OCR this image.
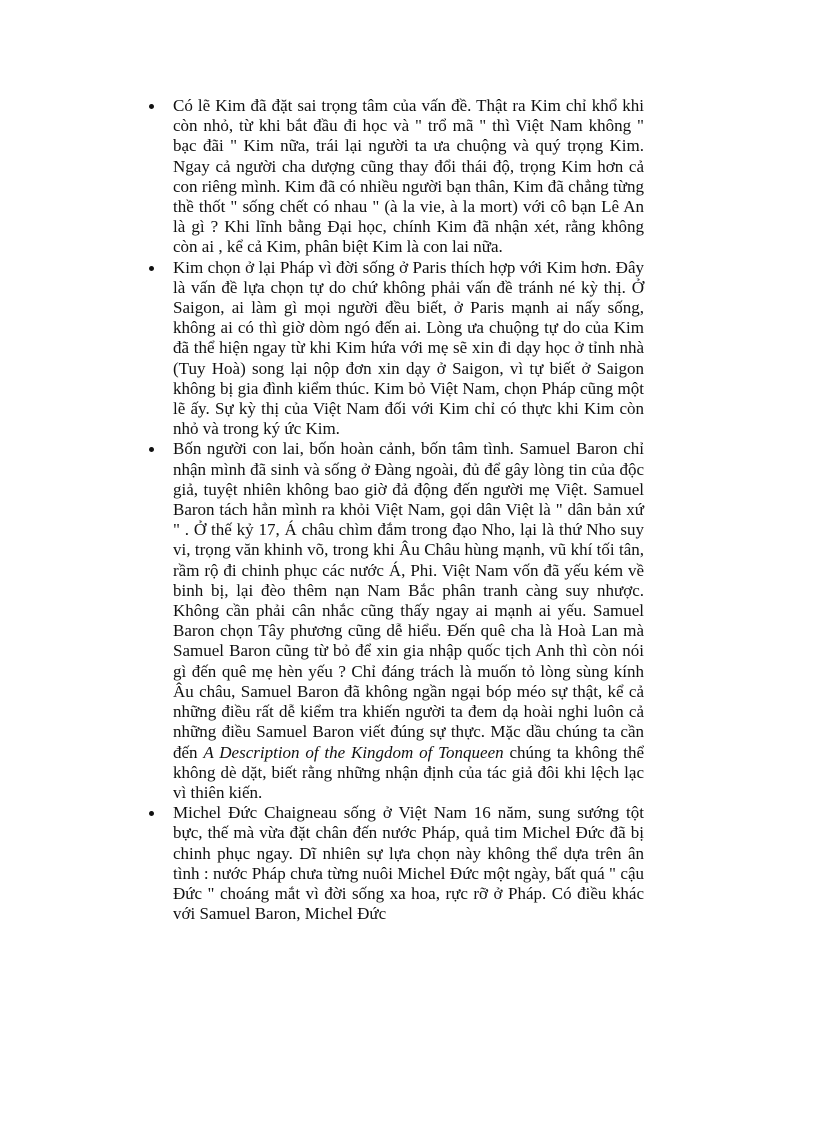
Có lẽ Kim đã đặt sai trọng tâm của vấn đề. Thật ra Kim chỉ khổ khi còn nhỏ, từ khi bắt đầu đi học và " trổ mã " thì Việt Nam không " bạc đãi " Kim nữa, trái lại người ta ưa chuộng và quý trọng Kim. Ngay cả người cha dượng cũng thay đổi thái độ, trọng Kim hơn cả con riêng mình. Kim đã có nhiều người bạn thân, Kim đã chẳng từng thề thốt " sống chết có nhau " (à la vie, à la mort) với cô bạn Lê An là gì ? Khi lĩnh bằng Đại học, chính Kim đã nhận xét, rằng không còn ai , kể cả Kim, phân biệt Kim là con lai nữa.
Kim chọn ở lại Pháp vì đời sống ở Paris thích hợp với Kim hơn. Đây là vấn đề lựa chọn tự do chứ không phải vấn đề tránh né kỳ thị. Ở Saigon, ai làm gì mọi người đều biết, ở Paris mạnh ai nấy sống, không ai có thì giờ dòm ngó đến ai. Lòng ưa chuộng tự do của Kim đã thể hiện ngay từ khi Kim hứa với mẹ sẽ xin đi dạy học ở tỉnh nhà (Tuy Hoà) song lại nộp đơn xin dạy ở Saigon, vì tự biết ở Saigon không bị gia đình kiểm thúc. Kim bỏ Việt Nam, chọn Pháp cũng một lẽ ấy. Sự kỳ thị của Việt Nam đối với Kim chỉ có thực khi Kim còn nhỏ và trong ký ức Kim.
Bốn người con lai, bốn hoàn cảnh, bốn tâm tình. Samuel Baron chỉ nhận mình đã sinh và sống ở Đàng ngoài, đủ để gây lòng tin của độc giả, tuyệt nhiên không bao giờ đả động đến người mẹ Việt. Samuel Baron tách hẳn mình ra khỏi Việt Nam, gọi dân Việt là " dân bản xứ " . Ở thế kỷ 17, Á châu chìm đắm trong đạo Nho, lại là thứ Nho suy vi, trọng văn khinh võ, trong khi Âu Châu hùng mạnh, vũ khí tối tân, rầm rộ đi chinh phục các nước Á, Phi. Việt Nam vốn đã yếu kém về binh bị, lại đèo thêm nạn Nam Bắc phân tranh càng suy nhược. Không cần phải cân nhắc cũng thấy ngay ai mạnh ai yếu. Samuel Baron chọn Tây phương cũng dễ hiểu. Đến quê cha là Hoà Lan mà Samuel Baron cũng từ bỏ để xin gia nhập quốc tịch Anh thì còn nói gì đến quê mẹ hèn yếu ? Chỉ đáng trách là muốn tỏ lòng sùng kính Âu châu, Samuel Baron đã không ngần ngại bóp méo sự thật, kể cả những điều rất dễ kiểm tra khiến người ta đem dạ hoài nghi luôn cả những điều Samuel Baron viết đúng sự thực. Mặc dầu chúng ta cần đến A Description of the Kingdom of Tonqueen chúng ta không thể không dè dặt, biết rằng những nhận định của tác giả đôi khi lệch lạc vì thiên kiến.
Michel Đức Chaigneau sống ở Việt Nam 16 năm, sung sướng tột bực, thế mà vừa đặt chân đến nước Pháp, quả tim Michel Đức đã bị chinh phục ngay. Dĩ nhiên sự lựa chọn này không thể dựa trên ân tình : nước Pháp chưa từng nuôi Michel Đức một ngày, bất quá " cậu Đức " choáng mắt vì đời sống xa hoa, rực rỡ ở Pháp. Có điều khác với Samuel Baron, Michel Đức
